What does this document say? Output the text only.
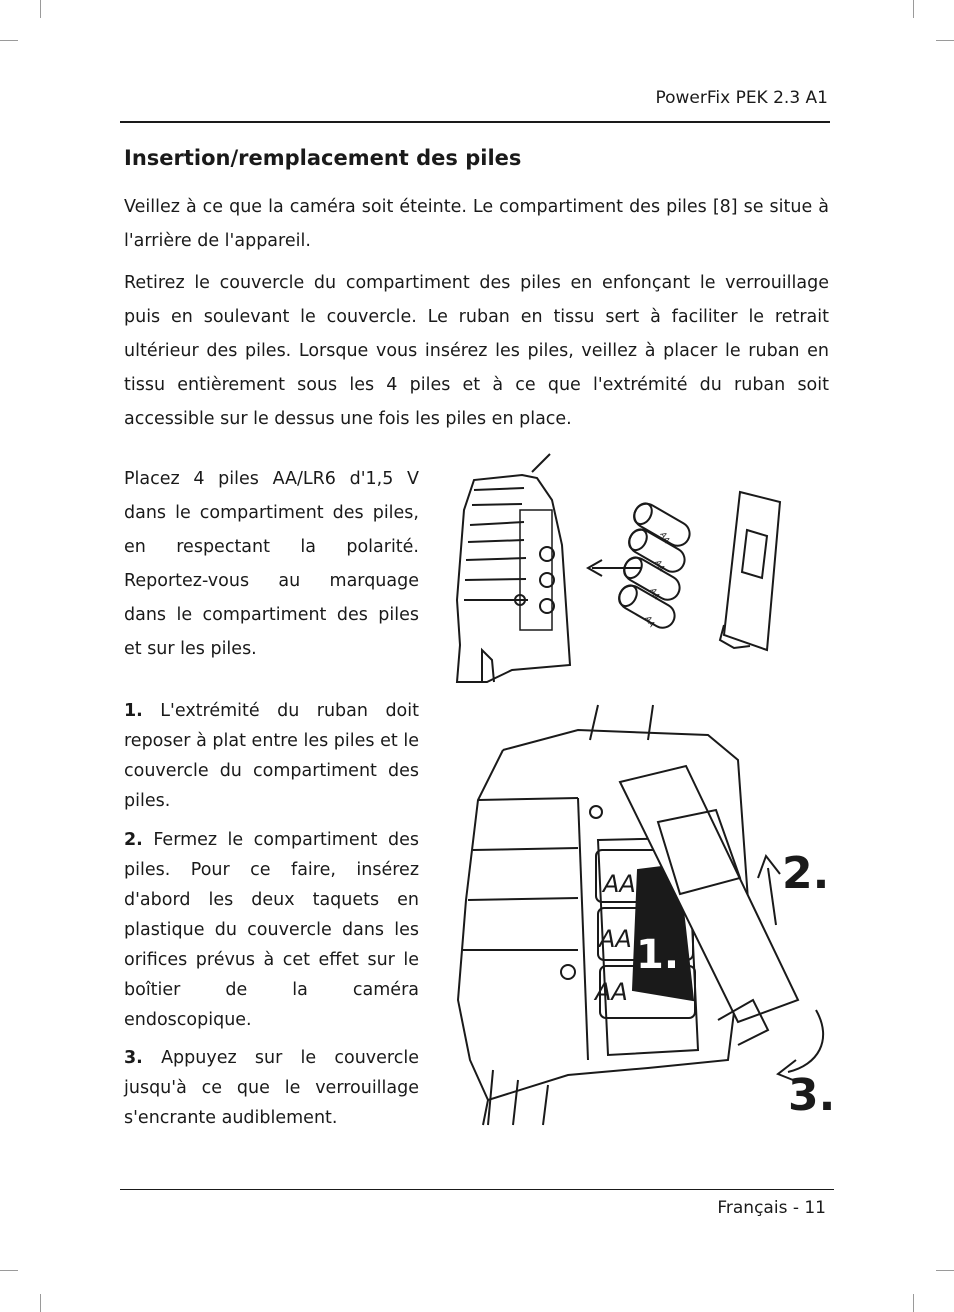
PowerFix PEK 2.3 A1
Insertion/remplacement des piles

Veillez à ce que la caméra soit éteinte. Le compartiment des piles [8] se situe à l'arrière de l'appareil.

Retirez le couvercle du compartiment des piles en enfonçant le verrouillage puis en soulevant le couvercle. Le ruban en tissu sert à faciliter le retrait ultérieur des piles. Lorsque vous insérez les piles, veillez à placer le ruban en tissu entièrement sous les 4 piles et à ce que l'extrémité du ruban soit accessible sur le dessus une fois les piles en place.

Placez 4 piles AA/LR6 d'1,5 V dans le compartiment des piles, en respectant la polarité. Reportez-vous au marquage dans le compartiment des piles et sur les piles.

1. L'extrémité du ruban doit reposer à plat entre les piles et le couvercle du compartiment des piles.

2. Fermez le compartiment des piles. Pour ce faire, insérez d'abord les deux taquets en plastique du couvercle dans les orifices prévus à cet effet sur le boîtier de la caméra endoscopique.

3. Appuyez sur le couvercle jusqu'à ce que le verrouillage s'encrante audiblement.

AA
AA
AA
AA
AA
AA
AA
1.
2.
3.
Français - 11
